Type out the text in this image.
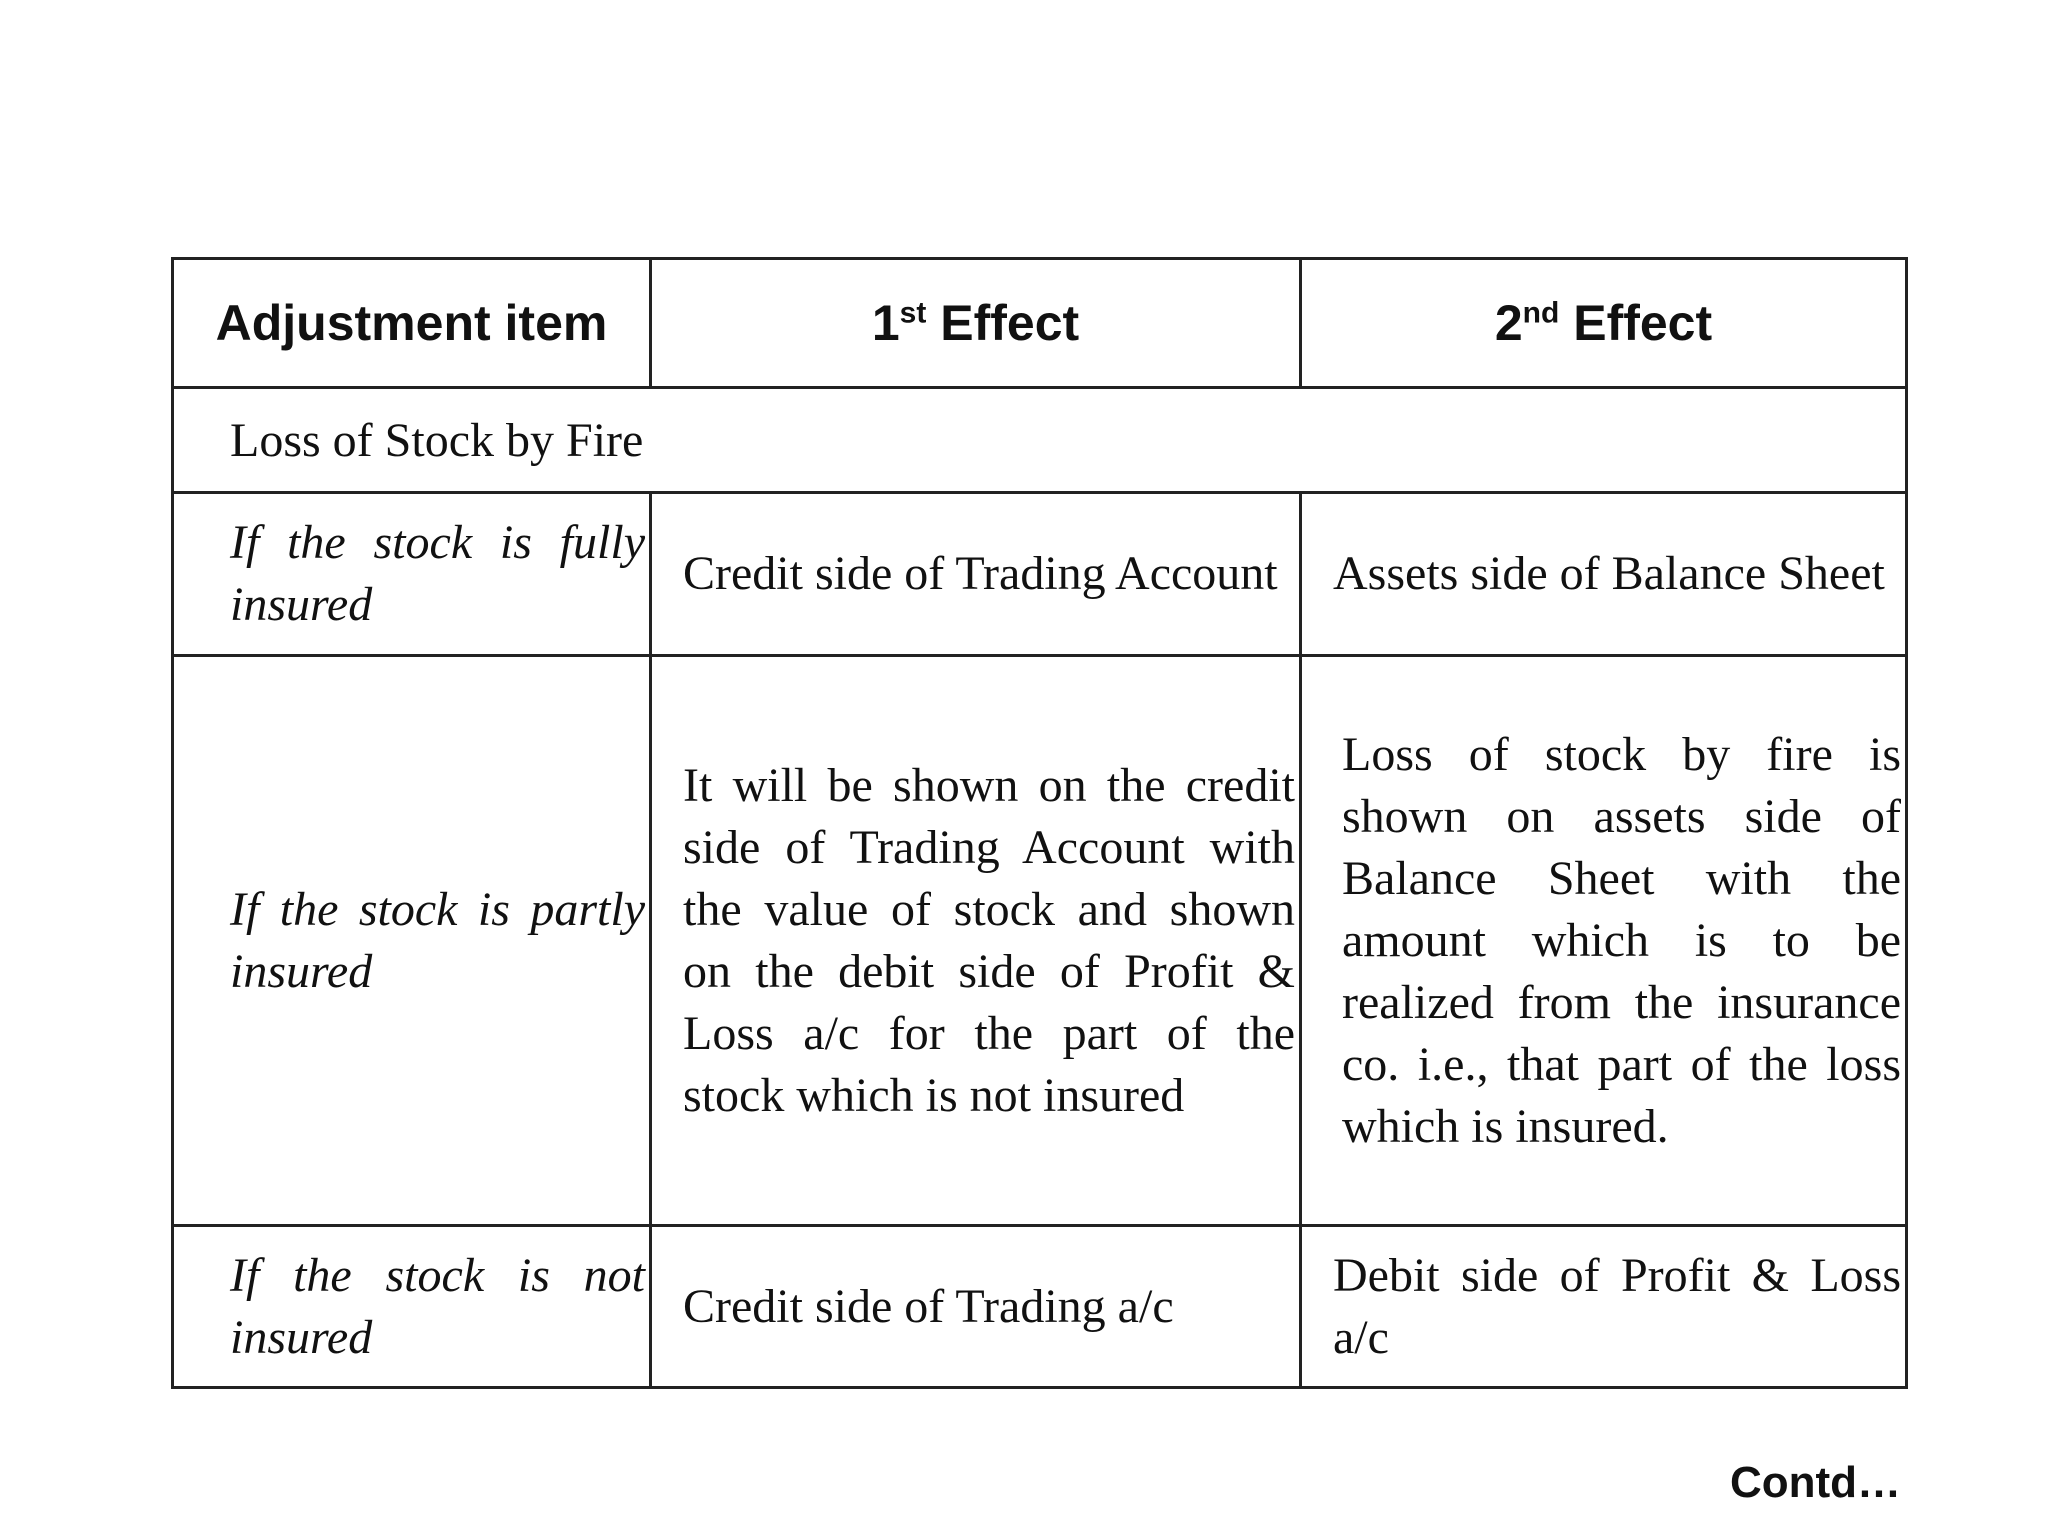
Adjustment item	1st Effect	2nd Effect
Loss of Stock by Fire		

If the stock is fully insured	Credit side of Trading Account	Assets side of Balance Sheet

If the stock is partly insured	It will be shown on the credit side of Trading Account with the value of stock and shown on the debit side of Profit & Loss a/c for the part of the stock which is not insured	Loss of stock by fire is shown on assets side of Balance Sheet with the amount which is to be realized from the insurance co. i.e., that part of the loss which is insured.

If the stock is not insured	Credit side of Trading a/c	Debit side of Profit & Loss a/c
Contd…
